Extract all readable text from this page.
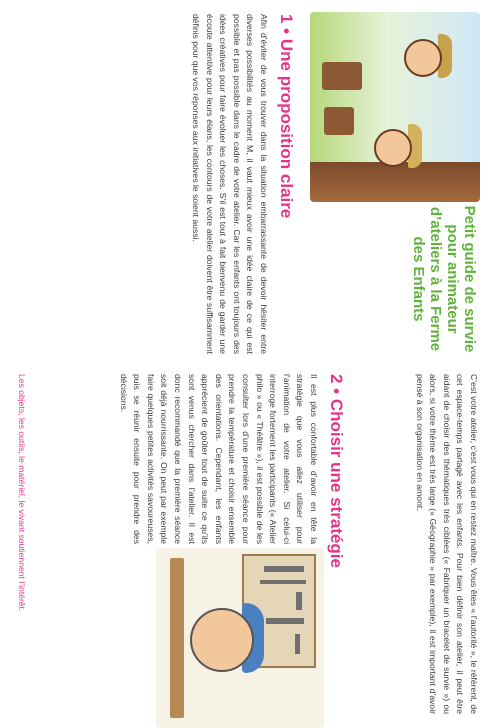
Petit guide de survie pour animateur d’ateliers à la Ferme des Enfants
1 • Une proposition claire
Afin d’éviter de vous trouver dans la situation embarrassante de devoir hésiter entre diverses possibilités au moment M, il vaut mieux avoir une idée claire de ce qui est possible et pas possible dans le cadre de votre atelier. Car les enfants ont toujours des idées créatives pour faire évoluer les choses. S’il est tout à fait bienvenu de garder une écoute attentive pour leurs élans, les contours de votre atelier doivent être suffisamment définis pour que vos réponses aux initiatives le soient aussi.
C’est votre atelier, c’est vous qui en restez maître. Vous êtes « l’autorité », le référent, de cet espace-temps partagé avec les enfants. Pour bien définir son atelier, il peut être aidant de choisir des thématiques très ciblées (« Fabriquer un bracelet de survie ») ou alors, si votre thème est très large (« Géographie » par exemple), il est important d’avoir pensé à son organisation en amont.
2 • Choisir une stratégie
Il est plus confortable d’avoir en tête la stratégie que vous allez utiliser pour l’animation de votre atelier. Si celui-ci interroge fortement les participants (« Atelier philo » ou « Théâtre »), il est possible de les consulter lors d’une première séance pour prendre la température et choisir ensemble des orientations. Cependant, les enfants apprécient de goûter tout de suite ce qu’ils sont venus chercher dans l’atelier. Il est donc recommandé que la première séance soit déjà nourrissante. On peut par exemple faire quelques petites activités savoureuses, puis se réunir ensuite pour prendre des décisions.
Les objets, les outils, le matériel, le vivant soutiennent l’intérêt.
